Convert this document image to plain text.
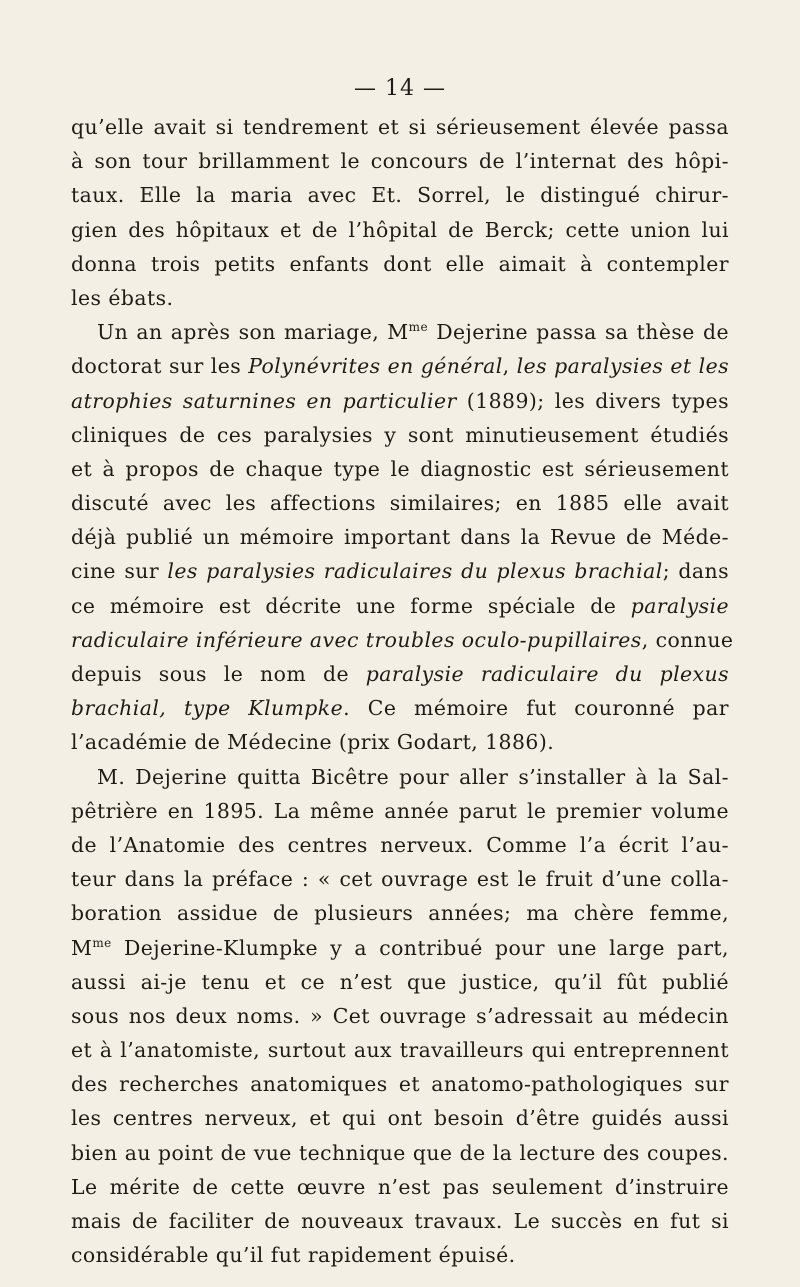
— 14 —
qu’elle avait si tendrement et si sérieusement élevée passa
à son tour brillamment le concours de l’internat des hôpi-
taux. Elle la maria avec Et. Sorrel, le distingué chirur-
gien des hôpitaux et de l’hôpital de Berck; cette union lui
donna trois petits enfants dont elle aimait à contempler
les ébats.
Un an après son mariage, $M^{me}$ Dejerine passa sa thèse de
doctorat sur les Polynévrites en général, les paralysies et les
atrophies saturnines en particulier (1889); les divers types
cliniques de ces paralysies y sont minutieusement étudiés
et à propos de chaque type le diagnostic est sérieusement
discuté avec les affections similaires; en 1885 elle avait
déjà publié un mémoire important dans la Revue de Méde-
cine sur les paralysies radiculaires du plexus brachial; dans
ce mémoire est décrite une forme spéciale de paralysie
radiculaire inférieure avec troubles oculo-pupillaires, connue
depuis sous le nom de paralysie radiculaire du plexus
brachial, type Klumpke. Ce mémoire fut couronné par
l’académie de Médecine (prix Godart, 1886).
M. Dejerine quitta Bicêtre pour aller s’installer à la Sal-
pêtrière en 1895. La même année parut le premier volume
de l’Anatomie des centres nerveux. Comme l’a écrit l’au-
teur dans la préface : « cet ouvrage est le fruit d’une colla-
boration assidue de plusieurs années; ma chère femme,
$M^{me}$ Dejerine-Klumpke y a contribué pour une large part,
aussi ai-je tenu et ce n’est que justice, qu’il fût publié
sous nos deux noms. » Cet ouvrage s’adressait au médecin
et à l’anatomiste, surtout aux travailleurs qui entreprennent
des recherches anatomiques et anatomo-pathologiques sur
les centres nerveux, et qui ont besoin d’être guidés aussi
bien au point de vue technique que de la lecture des coupes.
Le mérite de cette œuvre n’est pas seulement d’instruire
mais de faciliter de nouveaux travaux. Le succès en fut si
considérable qu’il fut rapidement épuisé.
